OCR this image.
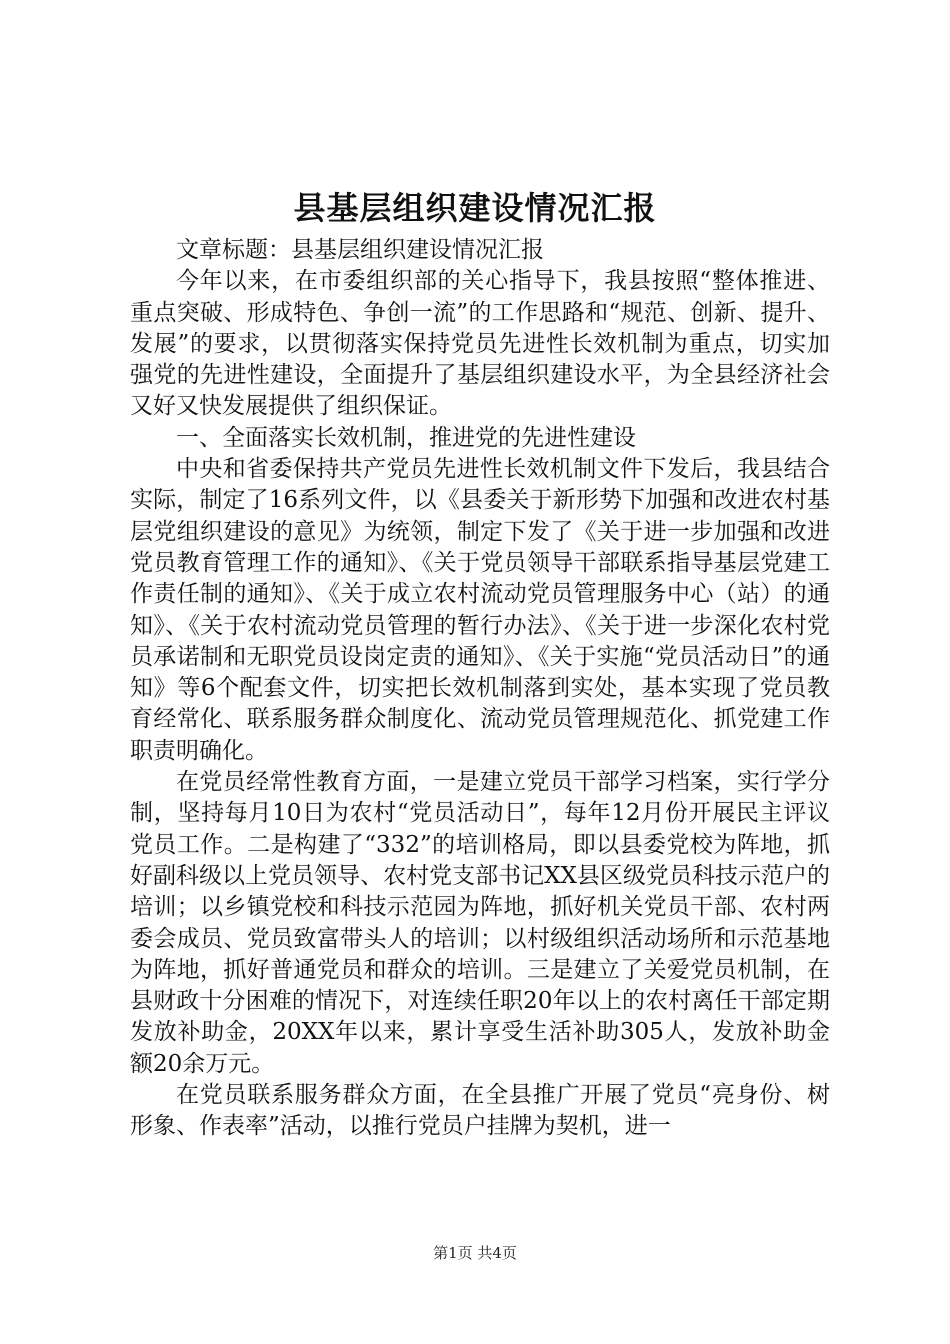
县基层组织建设情况汇报

文章标题：县基层组织建设情况汇报

今年以来，在市委组织部的关心指导下，我县按照“整体推进、重点突破、形成特色、争创一流”的工作思路和“规范、创新、提升、发展”的要求，以贯彻落实保持党员先进性长效机制为重点，切实加强党的先进性建设，全面提升了基层组织建设水平，为全县经济社会又好又快发展提供了组织保证。

一、全面落实长效机制，推进党的先进性建设

中央和省委保持共产党员先进性长效机制文件下发后，我县结合实际，制定了16系列文件，以《县委关于新形势下加强和改进农村基层党组织建设的意见》为统领，制定下发了《关于进一步加强和改进党员教育管理工作的通知》、《关于党员领导干部联系指导基层党建工作责任制的通知》、《关于成立农村流动党员管理服务中心（站）的通知》、《关于农村流动党员管理的暂行办法》、《关于进一步深化农村党员承诺制和无职党员设岗定责的通知》、《关于实施“党员活动日”的通知》等6个配套文件，切实把长效机制落到实处，基本实现了党员教育经常化、联系服务群众制度化、流动党员管理规范化、抓党建工作职责明确化。

在党员经常性教育方面，一是建立党员干部学习档案，实行学分制，坚持每月10日为农村“党员活动日”，每年12月份开展民主评议党员工作。二是构建了“332”的培训格局，即以县委党校为阵地，抓好副科级以上党员领导、农村党支部书记XX县区级党员科技示范户的培训；以乡镇党校和科技示范园为阵地，抓好机关党员干部、农村两委会成员、党员致富带头人的培训；以村级组织活动场所和示范基地为阵地，抓好普通党员和群众的培训。三是建立了关爱党员机制，在县财政十分困难的情况下，对连续任职20年以上的农村离任干部定期发放补助金，20XX年以来，累计享受生活补助305人，发放补助金额20余万元。

在党员联系服务群众方面，在全县推广开展了党员“亮身份、树形象、作表率”活动，以推行党员户挂牌为契机，进一

第1页 共4页
